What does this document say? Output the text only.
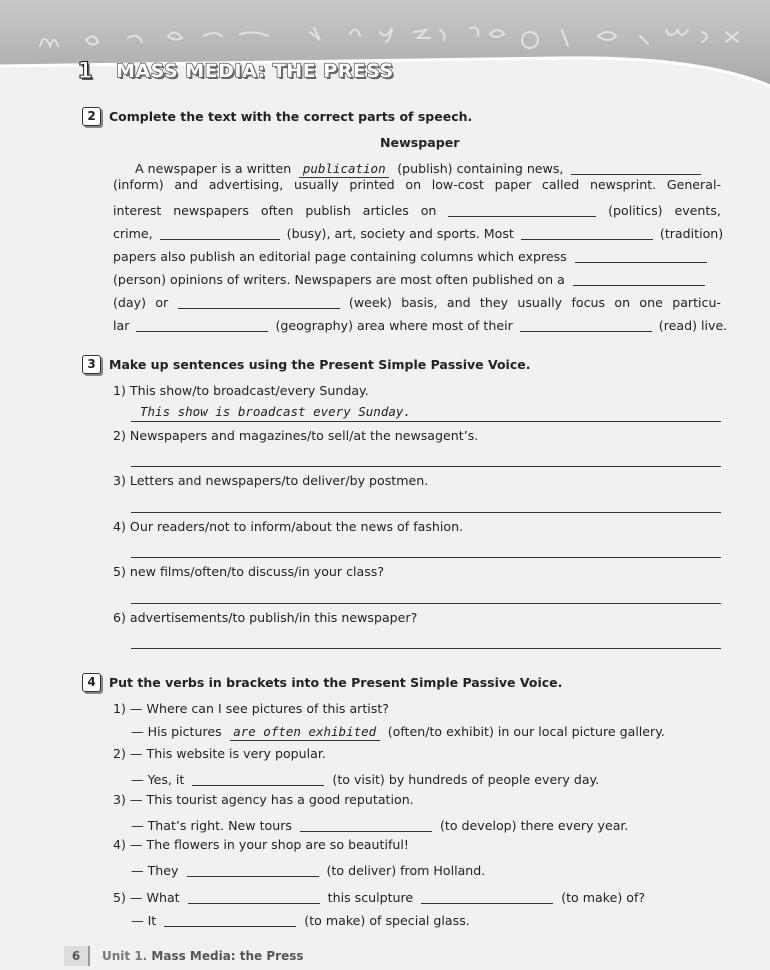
1	MASS MEDIA: THE PRESS
2 Complete the text with the correct parts of speech.
Newspaper
A newspaper is a written publication (publish) containing news,
(inform) and advertising, usually printed on low-cost paper called newsprint. General-
interest newspapers often publish articles on	(politics) events,
crime,	(busy), art, society and sports. Most	(tradition)
papers also publish an editorial page containing columns which express
(person) opinions of writers. Newspapers are most often published on a
(day) or	(week) basis, and they usually focus on one particu-
lar	(geography) area where most of their	(read) live.
3 Make up sentences using the Present Simple Passive Voice.
1) This show/to broadcast/every Sunday.
This show is broadcast every Sunday.
2) Newspapers and magazines/to sell/at the newsagent’s.
3) Letters and newspapers/to deliver/by postmen.
4) Our readers/not to inform/about the news of fashion.
5) new films/often/to discuss/in your class?
6) advertisements/to publish/in this newspaper?
4 Put the verbs in brackets into the Present Simple Passive Voice.
1) — Where can I see pictures of this artist?
— His pictures are often exhibited (often/to exhibit) in our local picture gallery.
2) — This website is very popular.
— Yes, it	(to visit) by hundreds of people every day.
3) — This tourist agency has a good reputation.
— That’s right. New tours	(to develop) there every year.
4) — The flowers in your shop are so beautiful!
— They	(to deliver) from Holland.
5) — What	this sculpture	(to make) of?
— It	(to make) of special glass.
6 Unit 1. Mass Media: the Press
